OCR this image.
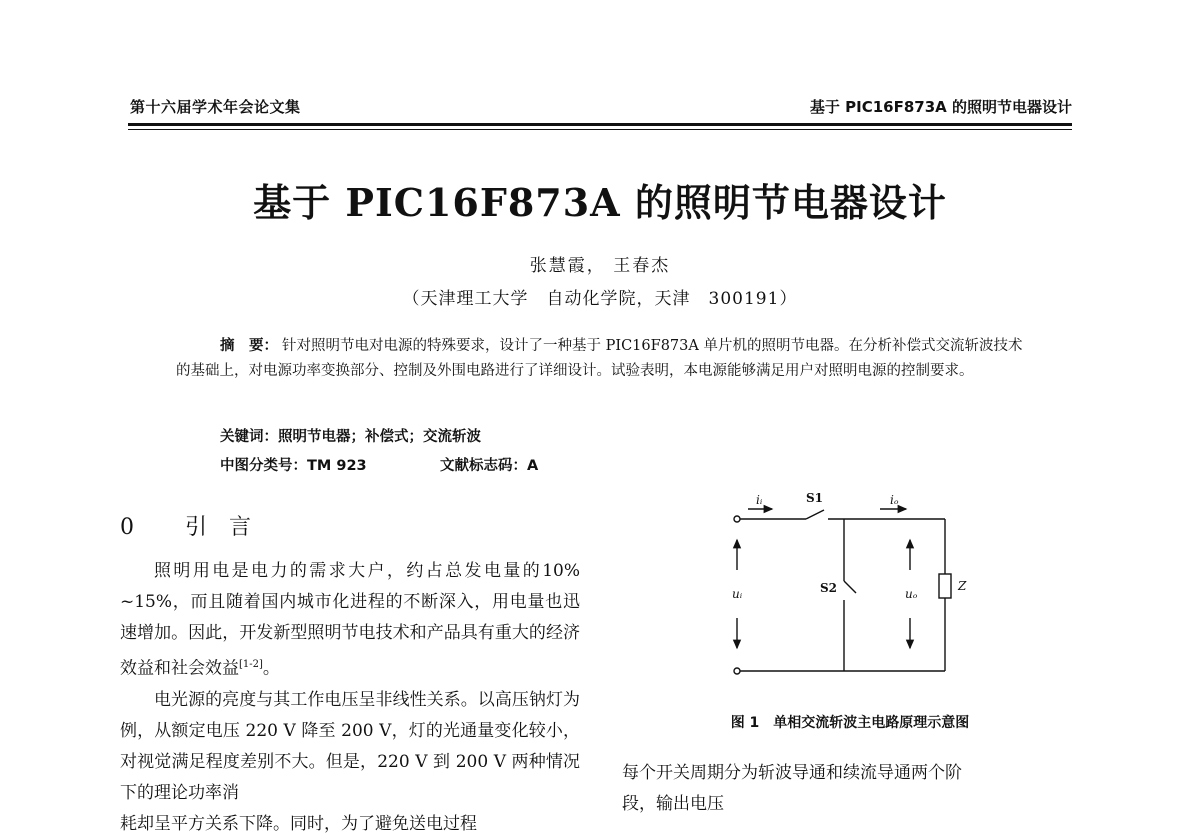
第十六届学术年会论文集	基于 PIC16F873A 的照明节电器设计
基于 PIC16F873A 的照明节电器设计
张慧霞， 王春杰
（天津理工大学　自动化学院，天津　300191）
摘　要： 针对照明节电对电源的特殊要求，设计了一种基于 PIC16F873A 单片机的照明节电器。在分析补偿式交流斩波技术的基础上，对电源功率变换部分、控制及外围电路进行了详细设计。试验表明，本电源能够满足用户对照明电源的控制要求。
关键词：照明节电器；补偿式；交流斩波
中图分类号：TM 923	文献标志码：A
0 引言

照明用电是电力的需求大户，约占总发电量的10% ~15%，而且随着国内城市化进程的不断深入，用电量也迅速增加。因此，开发新型照明节电技术和产品具有重大的经济效益和社会效益[1-2]。

电光源的亮度与其工作电压呈非线性关系。以高压钠灯为例，从额定电压 220 V 降至 200 V，灯的光通量变化较小，对视觉满足程度差别不大。但是，220 V 到 200 V 两种情况下的理论功率消

耗却呈平方关系下降。同时，为了避免送电过程

iᵢ	iₒ
uᵢ	uₒ
Z
S1
S2
图 1　单相交流斩波主电路原理示意图

每个开关周期分为斩波导通和续流导通两个阶

段，输出电压
